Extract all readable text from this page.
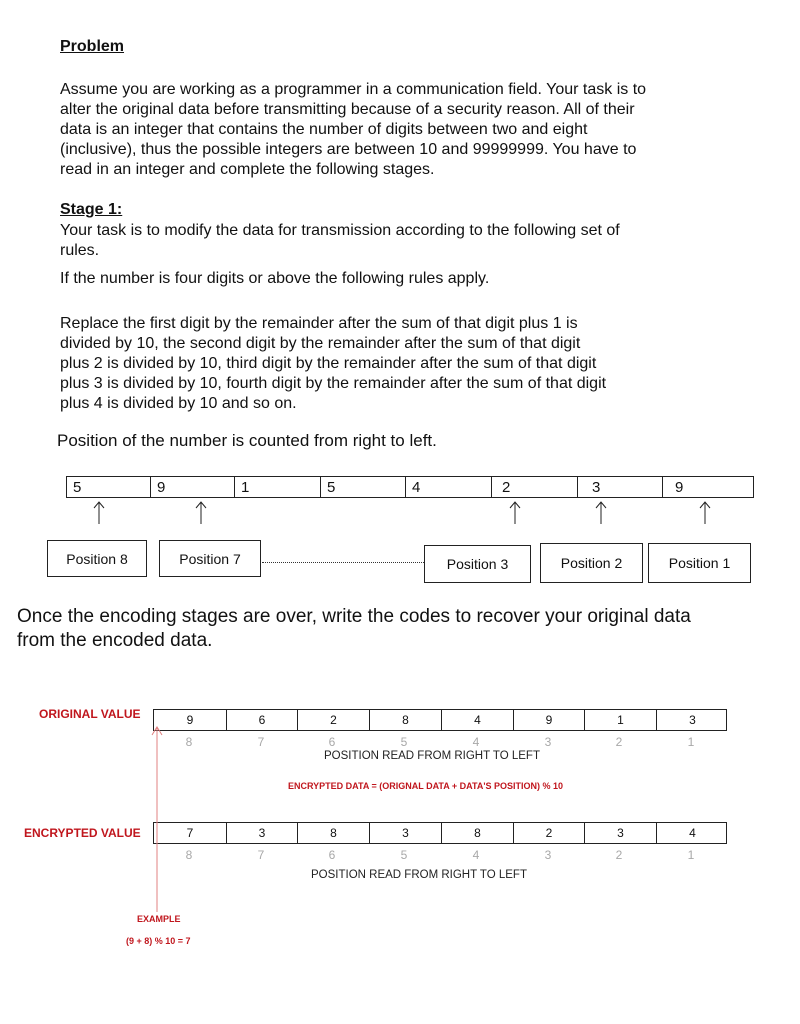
Problem

Assume you are working as a programmer in a communication field. Your task is to

alter the original data before transmitting because of a security reason. All of their

data is an integer that contains the number of digits between two and eight

(inclusive), thus the possible integers are between 10 and 99999999. You have to

read in an integer and complete the following stages.

Stage 1:

Your task is to modify the data for transmission according to the following set of

rules.

If the number is four digits or above the following rules apply.

Replace the first digit by the remainder after the sum of that digit plus 1 is

divided by 10, the second digit by the remainder after the sum of that digit

plus 2 is divided by 10, third digit by the remainder after the sum of that digit

plus 3 is divided by 10, fourth digit by the remainder after the sum of that digit

plus 4 is divided by 10 and so on.

Position of the number is counted from right to left.
5	9	1	5	4	2	3	9
Position 8	Position 7	Position 3	Position 2	Position 1
Once the encoding stages are over, write the codes to recover your original data
from the encoded data.
ORIGINAL VALUE	9	6	2	8	4	9	1	3
8	7	6	5	4	3	2	1
POSITION READ FROM RIGHT TO LEFT
ENCRYPTED DATA = (ORIGNAL DATA + DATA'S POSITION) % 10
ENCRYPTED VALUE	7	3	8	3	8	2	3	4
8	7	6	5	4	3	2	1
POSITION READ FROM RIGHT TO LEFT
EXAMPLE
(9 + 8) % 10 = 7
